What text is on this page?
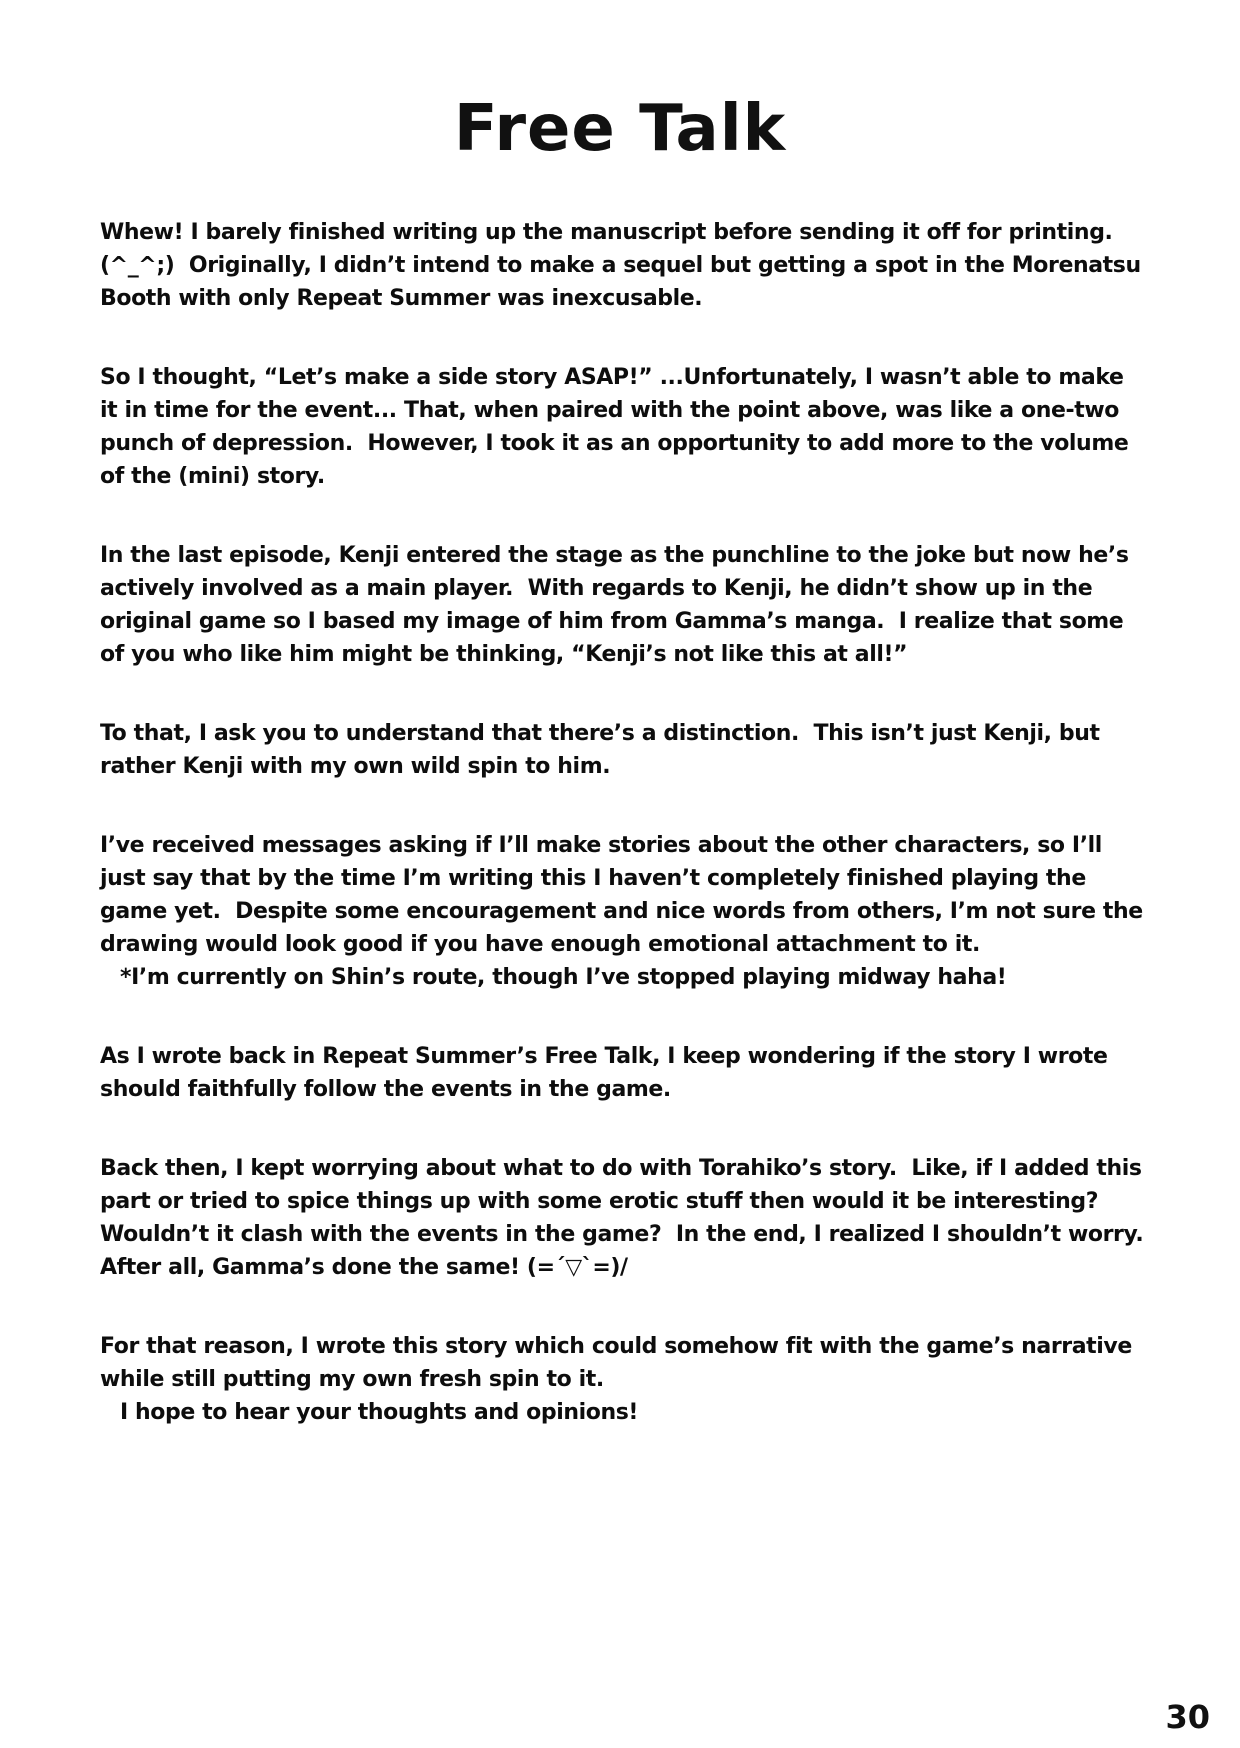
Free Talk
Whew! I barely finished writing up the manuscript before sending it off for printing.  (^_^;)  Originally, I didn’t intend to make a sequel but getting a spot in the Morenatsu Booth with only Repeat Summer was inexcusable.
So I thought, “Let’s make a side story ASAP!” ...Unfortunately, I wasn’t able to make it in time for the event... That, when paired with the point above, was like a one-two punch of depression.  However, I took it as an opportunity to add more to the volume of the (mini) story.
In the last episode, Kenji entered the stage as the punchline to the joke but now he’s actively involved as a main player.  With regards to Kenji, he didn’t show up in the original game so I based my image of him from Gamma’s manga.  I realize that some of you who like him might be thinking, “Kenji’s not like this at all!”
To that, I ask you to understand that there’s a distinction.  This isn’t just Kenji, but rather Kenji with my own wild spin to him.
I’ve received messages asking if I’ll make stories about the other characters, so I’ll just say that by the time I’m writing this I haven’t completely finished playing the game yet.  Despite some encouragement and nice words from others, I’m not sure the drawing would look good if you have enough emotional attachment to it.
*I’m currently on Shin’s route, though I’ve stopped playing midway haha!
As I wrote back in Repeat Summer’s Free Talk, I keep wondering if the story I wrote should faithfully follow the events in the game.
Back then, I kept worrying about what to do with Torahiko’s story.  Like, if I added this part or tried to spice things up with some erotic stuff then would it be interesting?  Wouldn’t it clash with the events in the game?  In the end, I realized I shouldn’t worry.  After all, Gamma’s done the same! (=´▽`=)/
For that reason, I wrote this story which could somehow fit with the game’s narrative while still putting my own fresh spin to it.
I hope to hear your thoughts and opinions!
30
